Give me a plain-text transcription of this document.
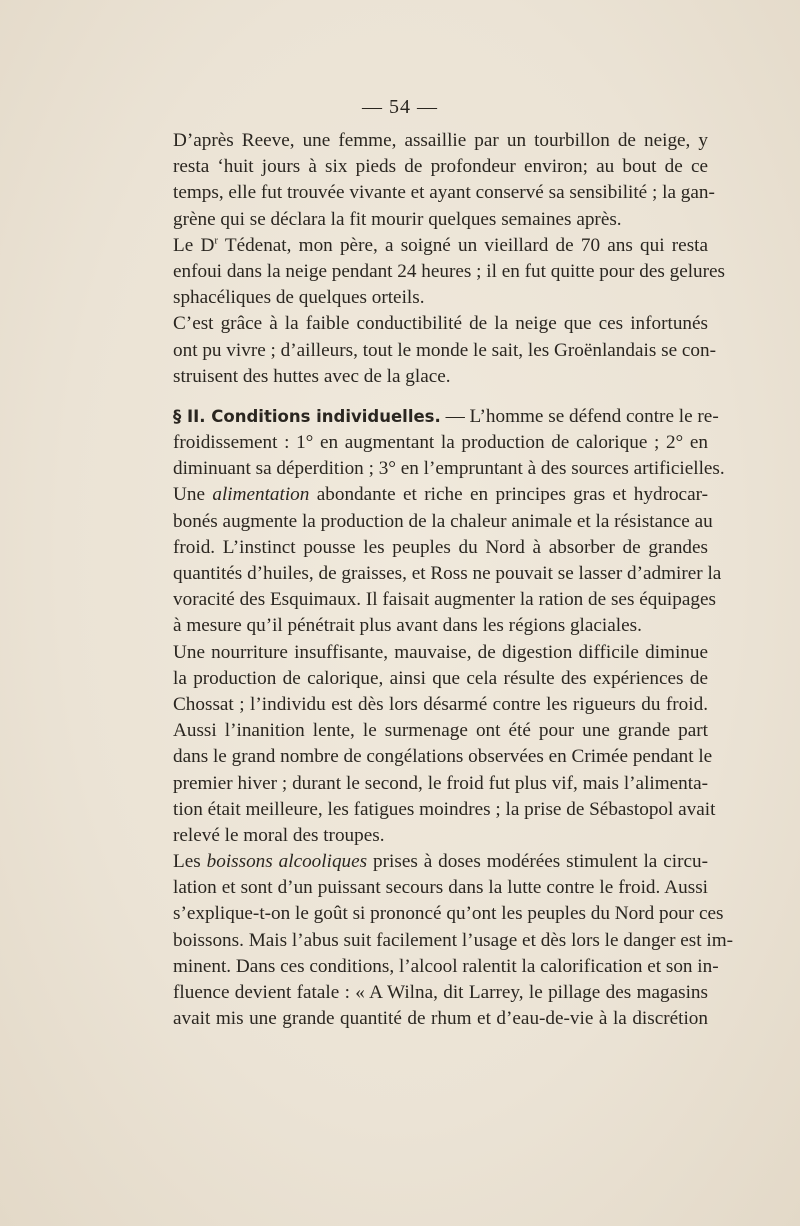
— 54 —
D’après Reeve, une femme, assaillie par un tourbillon de neige, y
resta ‘huit jours à six pieds de profondeur environ; au bout de ce
temps, elle fut trouvée vivante et ayant conservé sa sensibilité ; la gan-
grène qui se déclara la fit mourir quelques semaines après.
Le $D^r$ Tédenat, mon père, a soigné un vieillard de 70 ans qui resta
enfoui dans la neige pendant 24 heures ; il en fut quitte pour des gelures
sphacéliques de quelques orteils.
C’est grâce à la faible conductibilité de la neige que ces infortunés
ont pu vivre ; d’ailleurs, tout le monde le sait, les Groënlandais se con-
struisent des huttes avec de la glace.
§ II. Conditions individuelles. — L’homme se défend contre le re-
froidissement : 1° en augmentant la production de calorique ; 2° en
diminuant sa déperdition ; 3° en l’empruntant à des sources artificielles.
Une alimentation abondante et riche en principes gras et hydrocar-
bonés augmente la production de la chaleur animale et la résistance au
froid. L’instinct pousse les peuples du Nord à absorber de grandes
quantités d’huiles, de graisses, et Ross ne pouvait se lasser d’admirer la
voracité des Esquimaux. Il faisait augmenter la ration de ses équipages
à mesure qu’il pénétrait plus avant dans les régions glaciales.
Une nourriture insuffisante, mauvaise, de digestion difficile diminue
la production de calorique, ainsi que cela résulte des expériences de
Chossat ; l’individu est dès lors désarmé contre les rigueurs du froid.
Aussi l’inanition lente, le surmenage ont été pour une grande part
dans le grand nombre de congélations observées en Crimée pendant le
premier hiver ; durant le second, le froid fut plus vif, mais l’alimenta-
tion était meilleure, les fatigues moindres ; la prise de Sébastopol avait
relevé le moral des troupes.
Les boissons alcooliques prises à doses modérées stimulent la circu-
lation et sont d’un puissant secours dans la lutte contre le froid. Aussi
s’explique-t-on le goût si prononcé qu’ont les peuples du Nord pour ces
boissons. Mais l’abus suit facilement l’usage et dès lors le danger est im-
minent. Dans ces conditions, l’alcool ralentit la calorification et son in-
fluence devient fatale : « A Wilna, dit Larrey, le pillage des magasins
avait mis une grande quantité de rhum et d’eau-de-vie à la discrétion
